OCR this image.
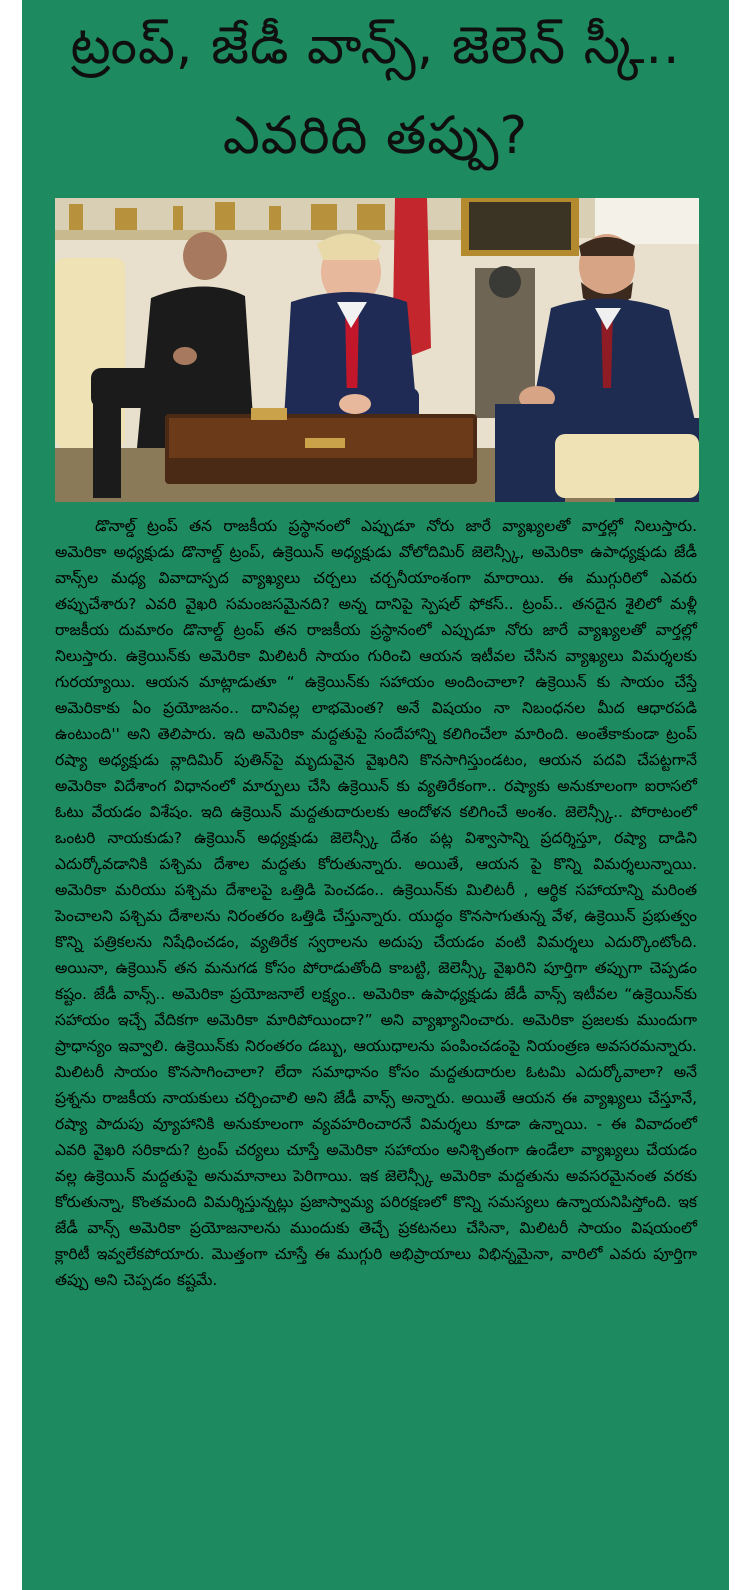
ట్రంప్, జేడీ వాన్స్, జెలెన్ స్కీ..
ఎవరిది తప్పు?

డొనాల్డ్ ట్రంప్ తన రాజకీయ ప్రస్థానంలో ఎప్పుడూ నోరు జారే వ్యాఖ్యలతో వార్తల్లో నిలుస్తారు. అమెరికా అధ్యక్షుడు డొనాల్డ్ ట్రంప్, ఉక్రెయిన్ అధ్యక్షుడు వోలోదిమిర్ జెలెన్స్కీ, అమెరికా ఉపాధ్యక్షుడు జేడీ వాన్స్‌ల మధ్య వివాదాస్పద వ్యాఖ్యలు చర్చలు చర్చనీయాంశంగా మారాయి. ఈ ముగ్గురిలో ఎవరు తప్పుచేశారు? ఎవరి వైఖరి సమంజసమైనది? అన్న దానిపై స్పెషల్ ఫోకస్.. ట్రంప్.. తనదైన శైలిలో మళ్లీ రాజకీయ దుమారం డొనాల్డ్ ట్రంప్ తన రాజకీయ ప్రస్థానంలో ఎప్పుడూ నోరు జారే వ్యాఖ్యలతో వార్తల్లో నిలుస్తారు. ఉక్రెయిన్‌కు అమెరికా మిలిటరీ సాయం గురించి ఆయన ఇటీవల చేసిన వ్యాఖ్యలు విమర్శలకు గురయ్యాయి. ఆయన మాట్లాడుతూ “ ఉక్రెయిన్‌కు సహాయం అందించాలా? ఉక్రెయిన్ కు సాయం చేస్తే అమెరికాకు ఏం ప్రయోజనం.. దానివల్ల లాభమెంత? అనే విషయం నా నిబంధనల మీద ఆధారపడి ఉంటుంది'' అని తెలిపారు. ఇది అమెరికా మద్దతుపై సందేహాన్ని కలిగించేలా మారింది. అంతేకాకుండా ట్రంప్ రష్యా అధ్యక్షుడు వ్లాదిమిర్ పుతిన్‌పై మృదువైన వైఖరిని కొనసాగిస్తుండటం, ఆయన పదవి చేపట్టగానే అమెరికా విదేశాంగ విధానంలో మార్పులు చేసి ఉక్రెయిన్ కు వ్యతిరేకంగా.. రష్యాకు అనుకూలంగా ఐరాసలో ఓటు వేయడం విశేషం. ఇది ఉక్రెయిన్ మద్దతుదారులకు ఆందోళన కలిగించే అంశం. జెలెన్స్కీ.. పోరాటంలో ఒంటరి నాయకుడు? ఉక్రెయిన్ అధ్యక్షుడు జెలెన్స్కీ దేశం పట్ల విశ్వాసాన్ని ప్రదర్శిస్తూ, రష్యా దాడిని ఎదుర్కోవడానికి పశ్చిమ దేశాల మద్దతు కోరుతున్నారు. అయితే, ఆయన పై కొన్ని విమర్శలున్నాయి. అమెరికా మరియు పశ్చిమ దేశాలపై ఒత్తిడి పెంచడం.. ఉక్రెయిన్‌కు మిలిటరీ , ఆర్థిక సహాయాన్ని మరింత పెంచాలని పశ్చిమ దేశాలను నిరంతరం ఒత్తిడి చేస్తున్నారు. యుద్ధం కొనసాగుతున్న వేళ, ఉక్రెయిన్ ప్రభుత్వం కొన్ని పత్రికలను నిషేధించడం, వ్యతిరేక స్వరాలను అదుపు చేయడం వంటి విమర్శలు ఎదుర్కొంటోంది. అయినా, ఉక్రెయిన్ తన మనుగడ కోసం పోరాడుతోంది కాబట్టి, జెలెన్స్కీ వైఖరిని పూర్తిగా తప్పుగా చెప్పడం కష్టం. జేడీ వాన్స్.. అమెరికా ప్రయోజనాలే లక్ష్యం.. అమెరికా ఉపాధ్యక్షుడు జేడీ వాన్స్ ఇటీవల “ఉక్రెయిన్‌కు సహాయం ఇచ్చే వేదికగా అమెరికా మారిపోయిందా?” అని వ్యాఖ్యానించారు. అమెరికా ప్రజలకు ముందుగా ప్రాధాన్యం ఇవ్వాలి. ఉక్రెయిన్‌కు నిరంతరం డబ్బు, ఆయుధాలను పంపించడంపై నియంత్రణ అవసరమన్నారు. మిలిటరీ సాయం కొనసాగించాలా? లేదా సమాధానం కోసం మద్దతుదారుల ఓటమి ఎదుర్కోవాలా? అనే ప్రశ్నను రాజకీయ నాయకులు చర్చించాలి అని జేడీ వాన్స్ అన్నారు. అయితే ఆయన ఈ వ్యాఖ్యలు చేస్తూనే, రష్యా పాదుపు వ్యూహానికి అనుకూలంగా వ్యవహరించారనే విమర్శలు కూడా ఉన్నాయి. - ఈ వివాదంలో ఎవరి వైఖరి సరికాదు? ట్రంప్ చర్యలు చూస్తే అమెరికా సహాయం అనిశ్చితంగా ఉండేలా వ్యాఖ్యలు చేయడం వల్ల ఉక్రెయిన్ మద్దతుపై అనుమానాలు పెరిగాయి. ఇక జెలెన్స్కీ అమెరికా మద్దతును అవసరమైనంత వరకు కోరుతున్నా, కొంతమంది విమర్శిస్తున్నట్లు ప్రజాస్వామ్య పరిరక్షణలో కొన్ని సమస్యలు ఉన్నాయనిపిస్తోంది. ఇక జేడీ వాన్స్ అమెరికా ప్రయోజనాలను ముందుకు తెచ్చే ప్రకటనలు చేసినా, మిలిటరీ సాయం విషయంలో క్లారిటీ ఇవ్వలేకపోయారు. మొత్తంగా చూస్తే ఈ ముగ్గురి అభిప్రాయాలు విభిన్నమైనా, వారిలో ఎవరు పూర్తిగా తప్పు అని చెప్పడం కష్టమే.
